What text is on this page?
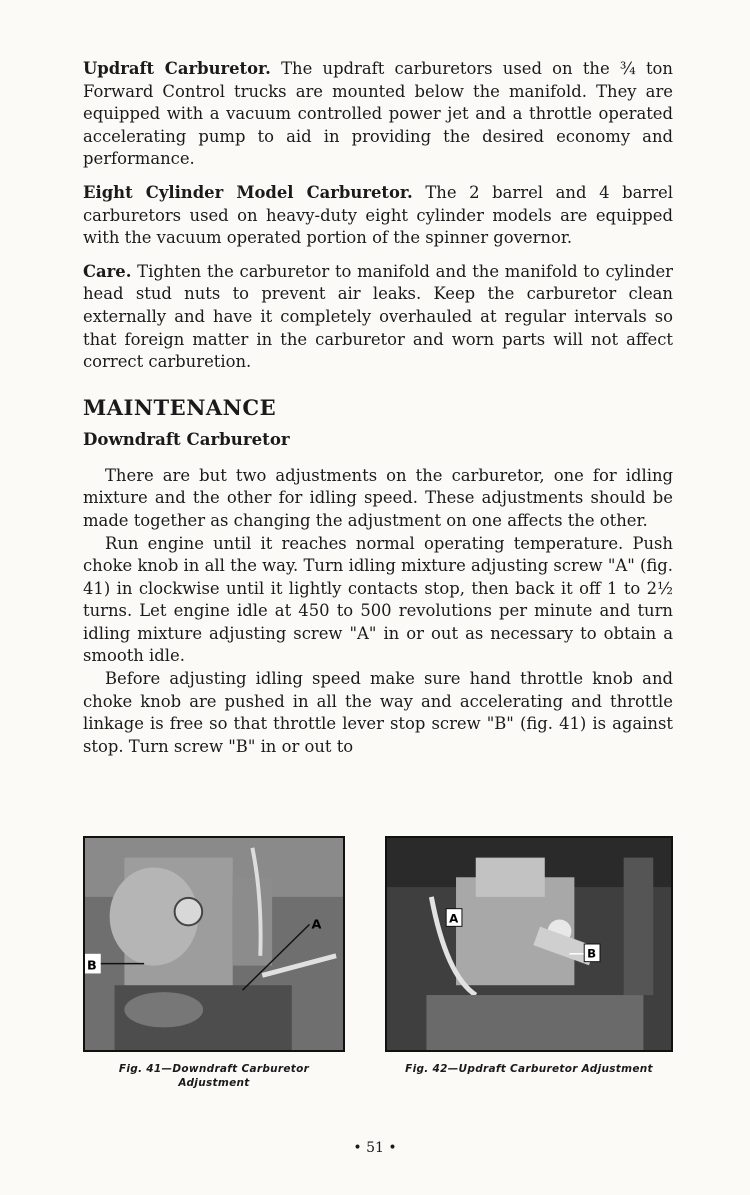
Updraft Carburetor. The updraft carburetors used on the ¾ ton Forward Control trucks are mounted below the manifold. They are equipped with a vacuum controlled power jet and a throttle operated accelerating pump to aid in providing the desired economy and performance.

Eight Cylinder Model Carburetor. The 2 barrel and 4 barrel carburetors used on heavy-duty eight cylinder models are equipped with the vacuum operated portion of the spinner governor.

Care. Tighten the carburetor to manifold and the manifold to cylinder head stud nuts to prevent air leaks. Keep the carburetor clean externally and have it completely overhauled at regular intervals so that foreign matter in the carburetor and worn parts will not affect correct carburetion.

MAINTENANCE
Downdraft Carburetor

There are but two adjustments on the carburetor, one for idling mixture and the other for idling speed. These adjustments should be made together as changing the adjustment on one affects the other.

Run engine until it reaches normal operating temperature. Push choke knob in all the way. Turn idling mixture adjusting screw "A" (fig. 41) in clockwise until it lightly contacts stop, then back it off 1 to 2½ turns. Let engine idle at 450 to 500 revolutions per minute and turn idling mixture adjusting screw "A" in or out as necessary to obtain a smooth idle.

Before adjusting idling speed make sure hand throttle knob and choke knob are pushed in all the way and accelerating and throttle linkage is free so that throttle lever stop screw "B" (fig. 41) is against stop. Turn screw "B" in or out to

B
A
Fig. 41—Downdraft Carburetor Adjustment
A
B
Fig. 42—Updraft Carburetor Adjustment
• 51 •
